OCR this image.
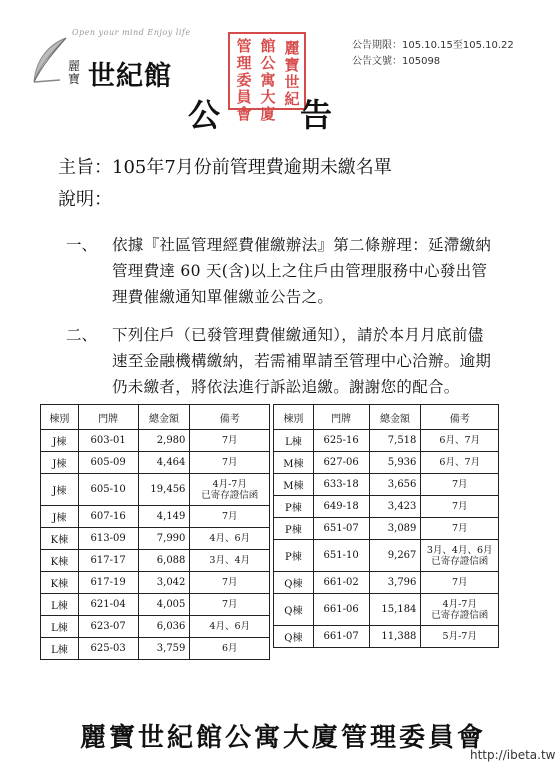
Open your mind Enjoy life
麗寶 世紀館
麗寶世紀
館公寓大廈
管理委員會
公告期限：105.10.15至105.10.22
公告文號：105098
公 告
主旨：105年7月份前管理費逾期未繳名單
說明：
一、 依據『社區管理經費催繳辦法』第二條辦理：延滯繳納
管理費達 60 天(含)以上之住戶由管理服務中心發出管
理費催繳通知單催繳並公告之。
二、 下列住戶（已發管理費催繳通知），請於本月月底前儘
速至金融機構繳納，若需補單請至管理中心洽辦。逾期
仍未繳者，將依法進行訴訟追繳。謝謝您的配合。
棟別	門牌	總金額	備考
J棟	603-01	2,980	7月

J棟	605-09	4,464	7月

J棟	605-10	19,456	4月-7月
已寄存證信函

J棟	607-16	4,149	7月

K棟	613-09	7,990	4月、6月

K棟	617-17	6,088	3月、4月

K棟	617-19	3,042	7月

L棟	621-04	4,005	7月

L棟	623-07	6,036	4月、6月

L棟	625-03	3,759	6月
棟別	門牌	總金額	備考
L棟	625-16	7,518	6月、7月

M棟	627-06	5,936	6月、7月

M棟	633-18	3,656	7月

P棟	649-18	3,423	7月

P棟	651-07	3,089	7月

P棟	651-10	9,267	3月、4月、6月
已寄存證信函

Q棟	661-02	3,796	7月

Q棟	661-06	15,184	4月-7月
已寄存證信函

Q棟	661-07	11,388	5月-7月
麗寶世紀館公寓大廈管理委員會
http://ibeta.tw
